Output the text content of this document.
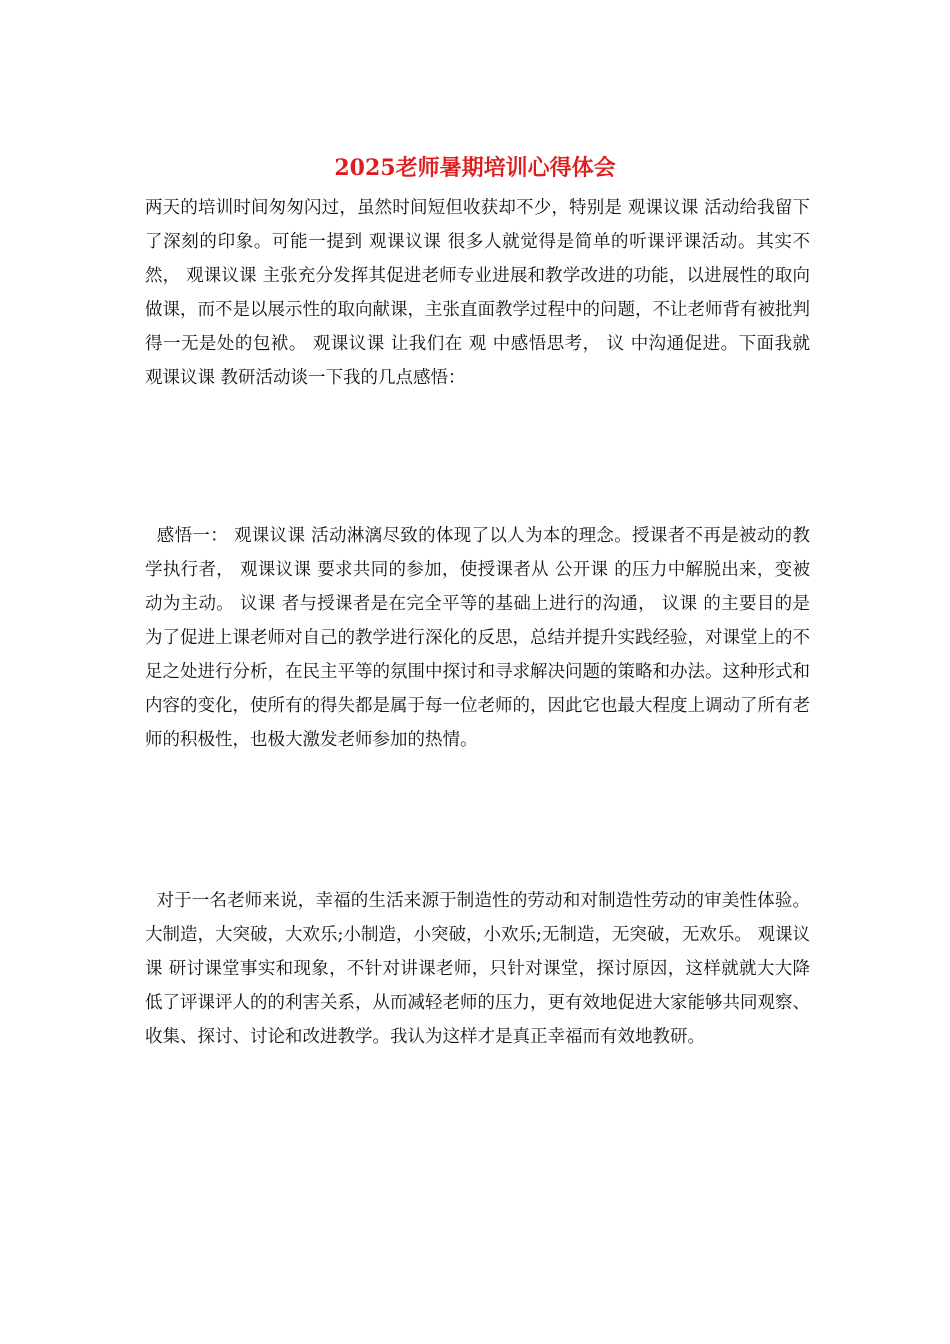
2025老师暑期培训心得体会

两天的培训时间匆匆闪过，虽然时间短但收获却不少，特别是 观课议课 活动给我留下了深刻的印象。可能一提到 观课议课 很多人就觉得是简单的听课评课活动。其实不然， 观课议课 主张充分发挥其促进老师专业进展和教学改进的功能，以进展性的取向做课，而不是以展示性的取向献课，主张直面教学过程中的问题，不让老师背有被批判得一无是处的包袱。 观课议课 让我们在 观 中感悟思考， 议 中沟通促进。下面我就 观课议课 教研活动谈一下我的几点感悟：

感悟一： 观课议课 活动淋漓尽致的体现了以人为本的理念。授课者不再是被动的教学执行者， 观课议课 要求共同的参加，使授课者从 公开课 的压力中解脱出来，变被动为主动。 议课 者与授课者是在完全平等的基础上进行的沟通， 议课 的主要目的是为了促进上课老师对自己的教学进行深化的反思，总结并提升实践经验，对课堂上的不足之处进行分析，在民主平等的氛围中探讨和寻求解决问题的策略和办法。这种形式和内容的变化，使所有的得失都是属于每一位老师的，因此它也最大程度上调动了所有老师的积极性，也极大激发老师参加的热情。

对于一名老师来说，幸福的生活来源于制造性的劳动和对制造性劳动的审美性体验。 大制造，大突破，大欢乐;小制造，小突破，小欢乐;无制造，无突破，无欢乐。 观课议课 研讨课堂事实和现象，不针对讲课老师，只针对课堂，探讨原因，这样就就大大降低了评课评人的的利害关系，从而减轻老师的压力，更有效地促进大家能够共同观察、收集、探讨、讨论和改进教学。我认为这样才是真正幸福而有效地教研。
